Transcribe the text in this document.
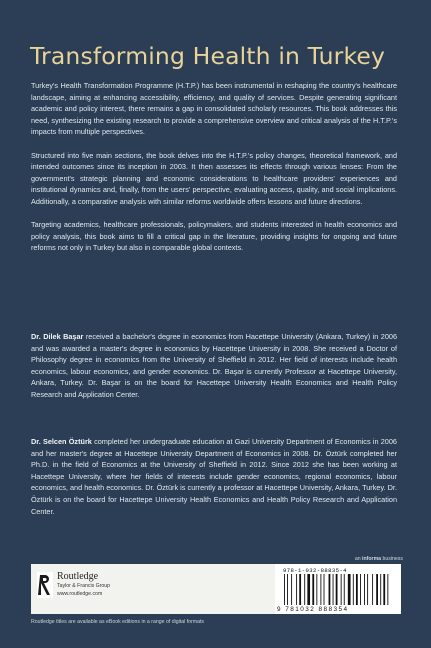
Transforming Health in Turkey

Turkey's Health Transformation Programme (H.T.P.) has been instrumental in reshaping the country's healthcare landscape, aiming at enhancing accessibility, efficiency, and quality of services. Despite generating significant academic and policy interest, there remains a gap in consolidated scholarly resources. This book addresses this need, synthesizing the existing research to provide a comprehensive overview and critical analysis of the H.T.P.'s impacts from multiple perspectives.

Structured into five main sections, the book delves into the H.T.P.'s policy changes, theoretical framework, and intended outcomes since its inception in 2003. It then assesses its effects through various lenses: From the government's strategic planning and economic considerations to healthcare providers' experiences and institutional dynamics and, finally, from the users' perspective, evaluating access, quality, and social implications. Additionally, a comparative analysis with similar reforms worldwide offers lessons and future directions.

Targeting academics, healthcare professionals, policymakers, and students interested in health economics and policy analysis, this book aims to fill a critical gap in the literature, providing insights for ongoing and future reforms not only in Turkey but also in comparable global contexts.

Dr. Dilek Başar received a bachelor's degree in economics from Hacettepe University (Ankara, Turkey) in 2006 and was awarded a master's degree in economics by Hacettepe University in 2008. She received a Doctor of Philosophy degree in economics from the University of Sheffield in 2012. Her field of interests include health economics, labour economics, and gender economics. Dr. Başar is currently Professor at Hacettepe University, Ankara, Turkey. Dr. Başar is on the board for Hacettepe University Health Economics and Health Policy Research and Application Center.

Dr. Selcen Öztürk completed her undergraduate education at Gazi University Department of Economics in 2006 and her master's degree at Hacettepe University Department of Economics in 2008. Dr. Öztürk completed her Ph.D. in the field of Economics at the University of Sheffield in 2012. Since 2012 she has been working at Hacettepe University, where her fields of interests include gender economics, regional economics, labour economics, and health economics. Dr. Öztürk is currently a professor at Hacettepe University, Ankara, Turkey. Dr. Öztürk is on the board for Hacettepe University Health Economics and Health Policy Research and Application Center.

an informa business
Routledge
Taylor & Francis Group
www.routledge.com
978-1-032-88835-4
9 781032 888354
Routledge titles are available as eBook editions in a range of digital formats
